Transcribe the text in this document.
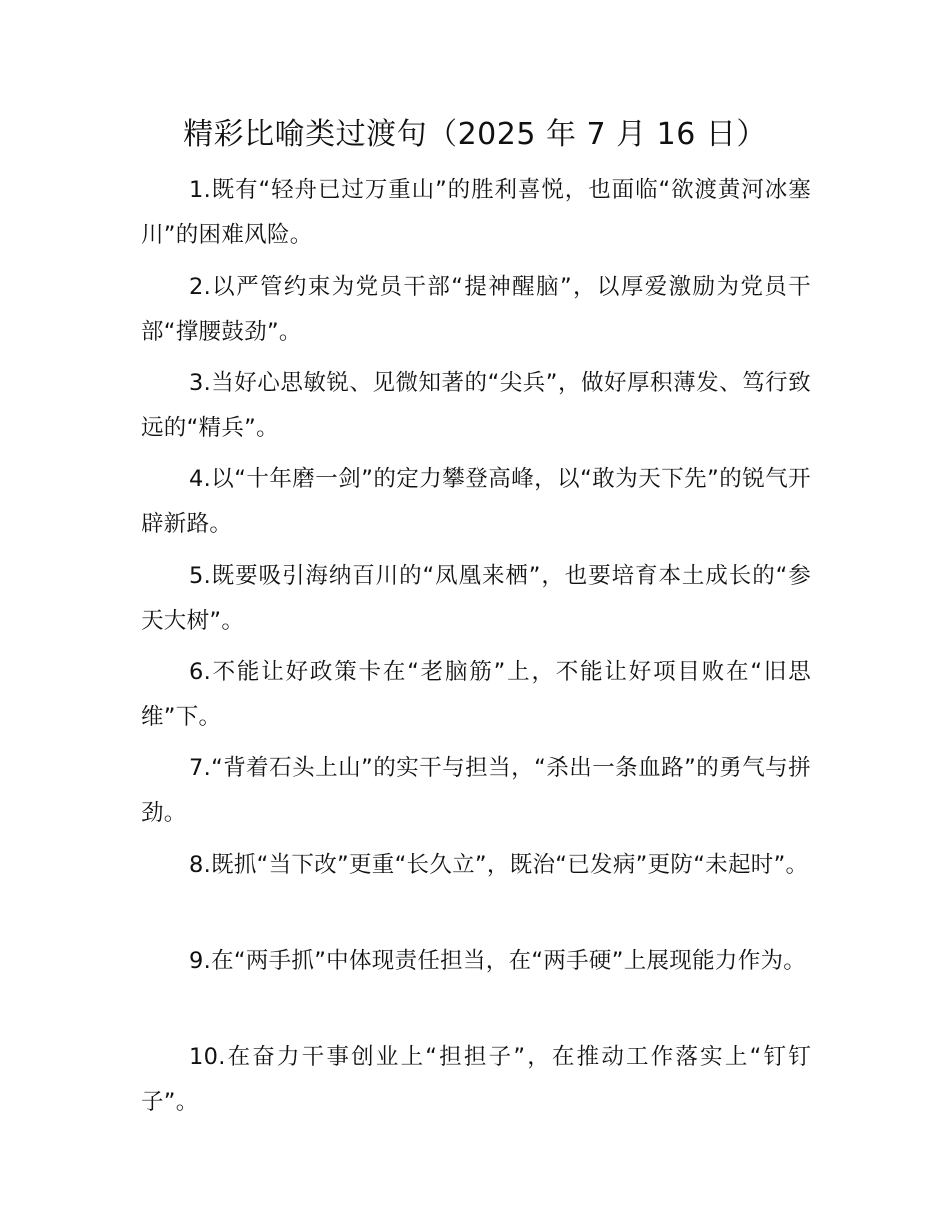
精彩比喻类过渡句（2025 年 7 月 16 日）

1.既有“轻舟已过万重山”的胜利喜悦，也面临“欲渡黄河冰塞川”的困难风险。

2.以严管约束为党员干部“提神醒脑”，以厚爱激励为党员干部“撑腰鼓劲”。

3.当好心思敏锐、见微知著的“尖兵”，做好厚积薄发、笃行致远的“精兵”。

4.以“十年磨一剑”的定力攀登高峰，以“敢为天下先”的锐气开辟新路。

5.既要吸引海纳百川的“凤凰来栖”，也要培育本土成长的“参天大树”。

6.不能让好政策卡在“老脑筋”上，不能让好项目败在“旧思维”下。

7.“背着石头上山”的实干与担当，“杀出一条血路”的勇气与拼劲。

8.既抓“当下改”更重“长久立”，既治“已发病”更防“未起时”。

9.在“两手抓”中体现责任担当，在“两手硬”上展现能力作为。

10.在奋力干事创业上“担担子”，在推动工作落实上“钉钉子”。
